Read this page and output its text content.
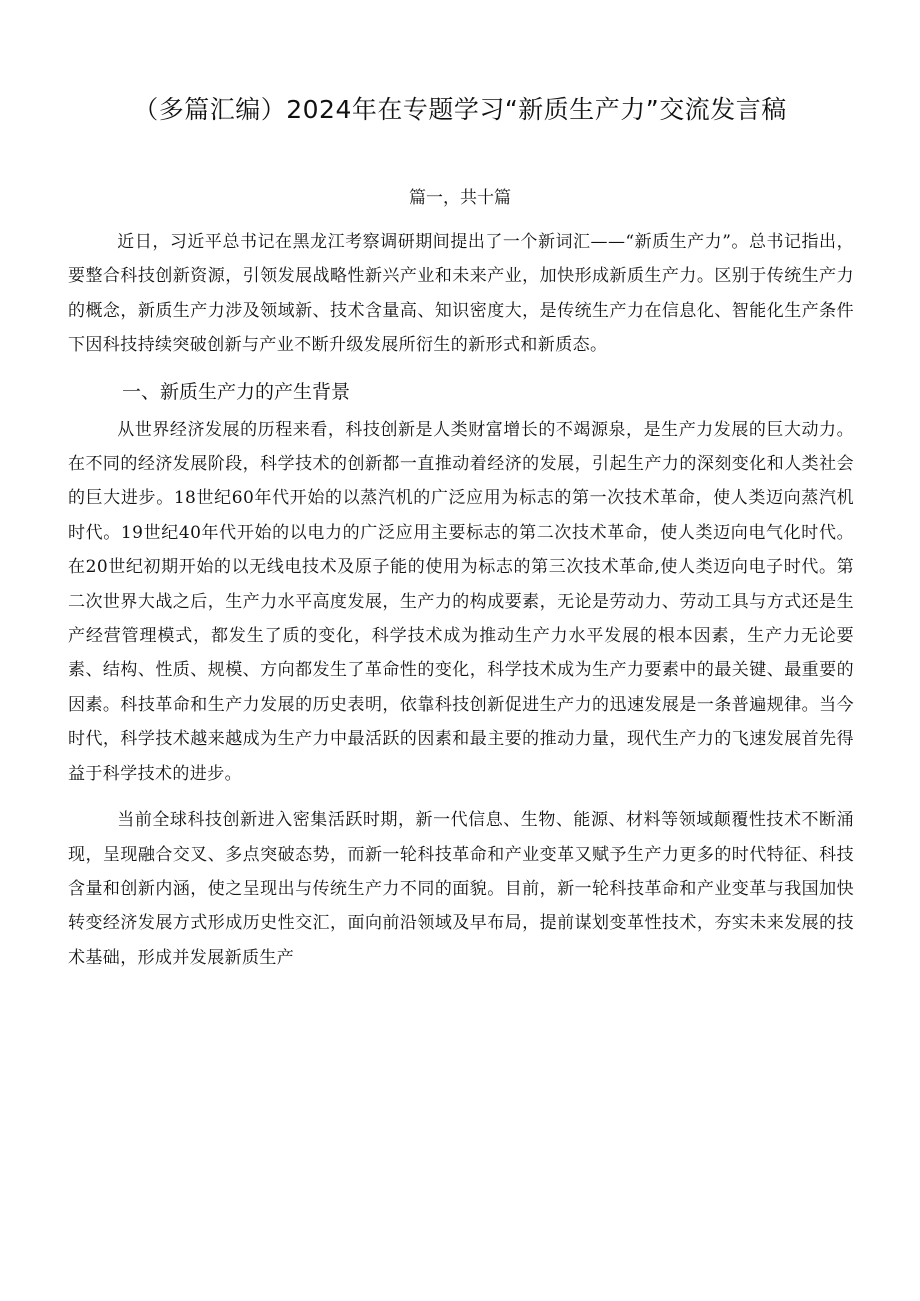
（多篇汇编）2024年在专题学习“新质生产力”交流发言稿
篇一，共十篇

近日，习近平总书记在黑龙江考察调研期间提出了一个新词汇——“新质生产力”。总书记指出，要整合科技创新资源，引领发展战略性新兴产业和未来产业，加快形成新质生产力。区别于传统生产力的概念，新质生产力涉及领域新、技术含量高、知识密度大，是传统生产力在信息化、智能化生产条件下因科技持续突破创新与产业不断升级发展所衍生的新形式和新质态。

一、新质生产力的产生背景

从世界经济发展的历程来看，科技创新是人类财富增长的不竭源泉，是生产力发展的巨大动力。在不同的经济发展阶段，科学技术的创新都一直推动着经济的发展，引起生产力的深刻变化和人类社会的巨大进步。18世纪60年代开始的以蒸汽机的广泛应用为标志的第一次技术革命，使人类迈向蒸汽机时代。19世纪40年代开始的以电力的广泛应用主要标志的第二次技术革命，使人类迈向电气化时代。在20世纪初期开始的以无线电技术及原子能的使用为标志的第三次技术革命,使人类迈向电子时代。第二次世界大战之后，生产力水平高度发展，生产力的构成要素，无论是劳动力、劳动工具与方式还是生产经营管理模式，都发生了质的变化，科学技术成为推动生产力水平发展的根本因素，生产力无论要素、结构、性质、规模、方向都发生了革命性的变化，科学技术成为生产力要素中的最关键、最重要的因素。科技革命和生产力发展的历史表明，依靠科技创新促进生产力的迅速发展是一条普遍规律。当今时代，科学技术越来越成为生产力中最活跃的因素和最主要的推动力量，现代生产力的飞速发展首先得益于科学技术的进步。

当前全球科技创新进入密集活跃时期，新一代信息、生物、能源、材料等领域颠覆性技术不断涌现，呈现融合交叉、多点突破态势，而新一轮科技革命和产业变革又赋予生产力更多的时代特征、科技含量和创新内涵，使之呈现出与传统生产力不同的面貌。目前，新一轮科技革命和产业变革与我国加快转变经济发展方式形成历史性交汇，面向前沿领域及早布局，提前谋划变革性技术，夯实未来发展的技术基础，形成并发展新质生产
